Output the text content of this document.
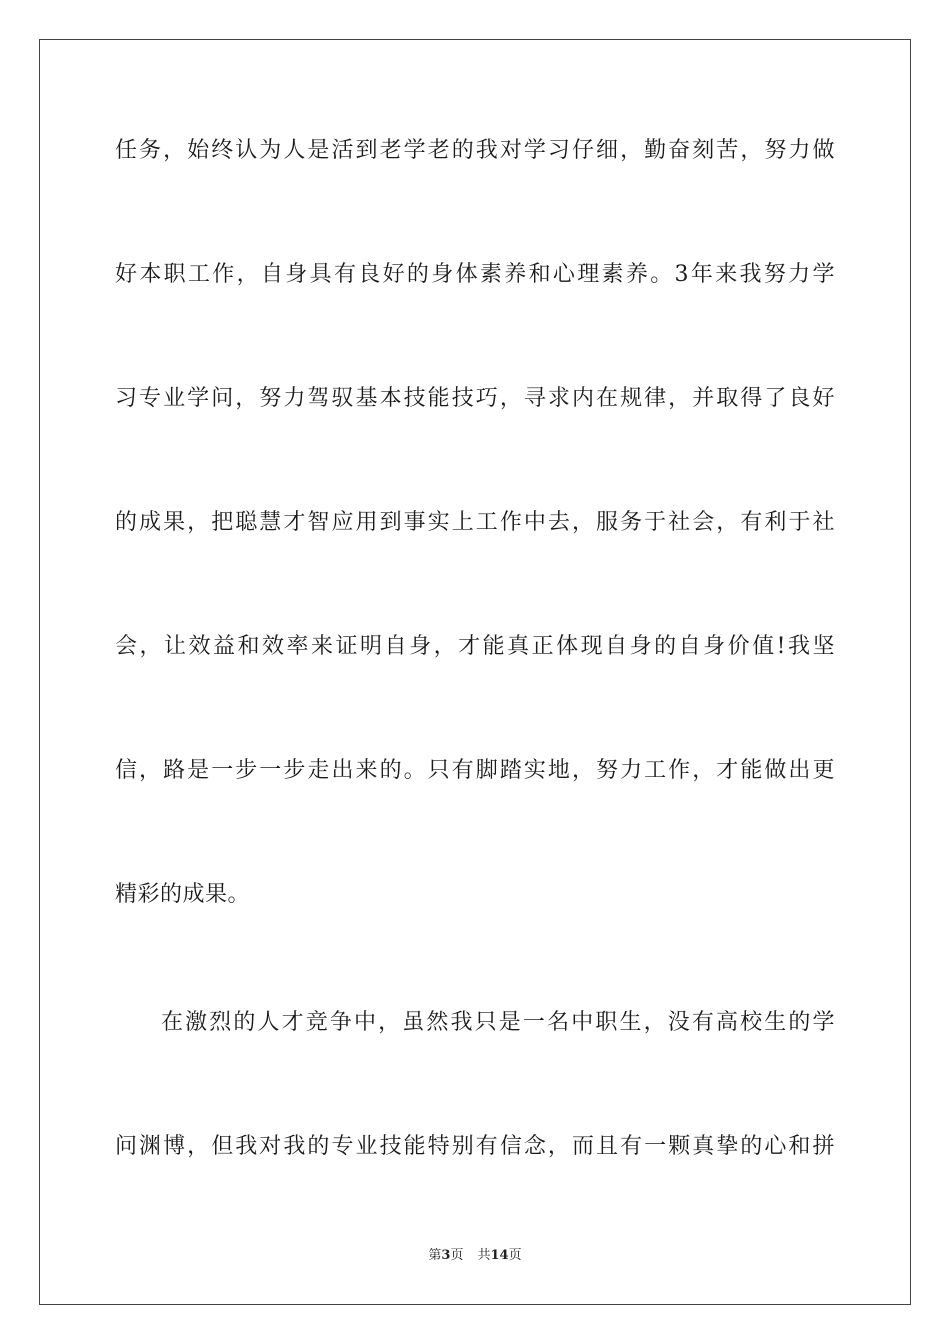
任务，始终认为人是活到老学老的我对学习仔细，勤奋刻苦，努力做
好本职工作，自身具有良好的身体素养和心理素养。3年来我努力学
习专业学问，努力驾驭基本技能技巧，寻求内在规律，并取得了良好
的成果，把聪慧才智应用到事实上工作中去，服务于社会，有利于社
会，让效益和效率来证明自身，才能真正体现自身的自身价值!我坚
信，路是一步一步走出来的。只有脚踏实地，努力工作，才能做出更
精彩的成果。
在激烈的人才竞争中，虽然我只是一名中职生，没有高校生的学
问渊博，但我对我的专业技能特别有信念，而且有一颗真挚的心和拼
第3页 共14页
